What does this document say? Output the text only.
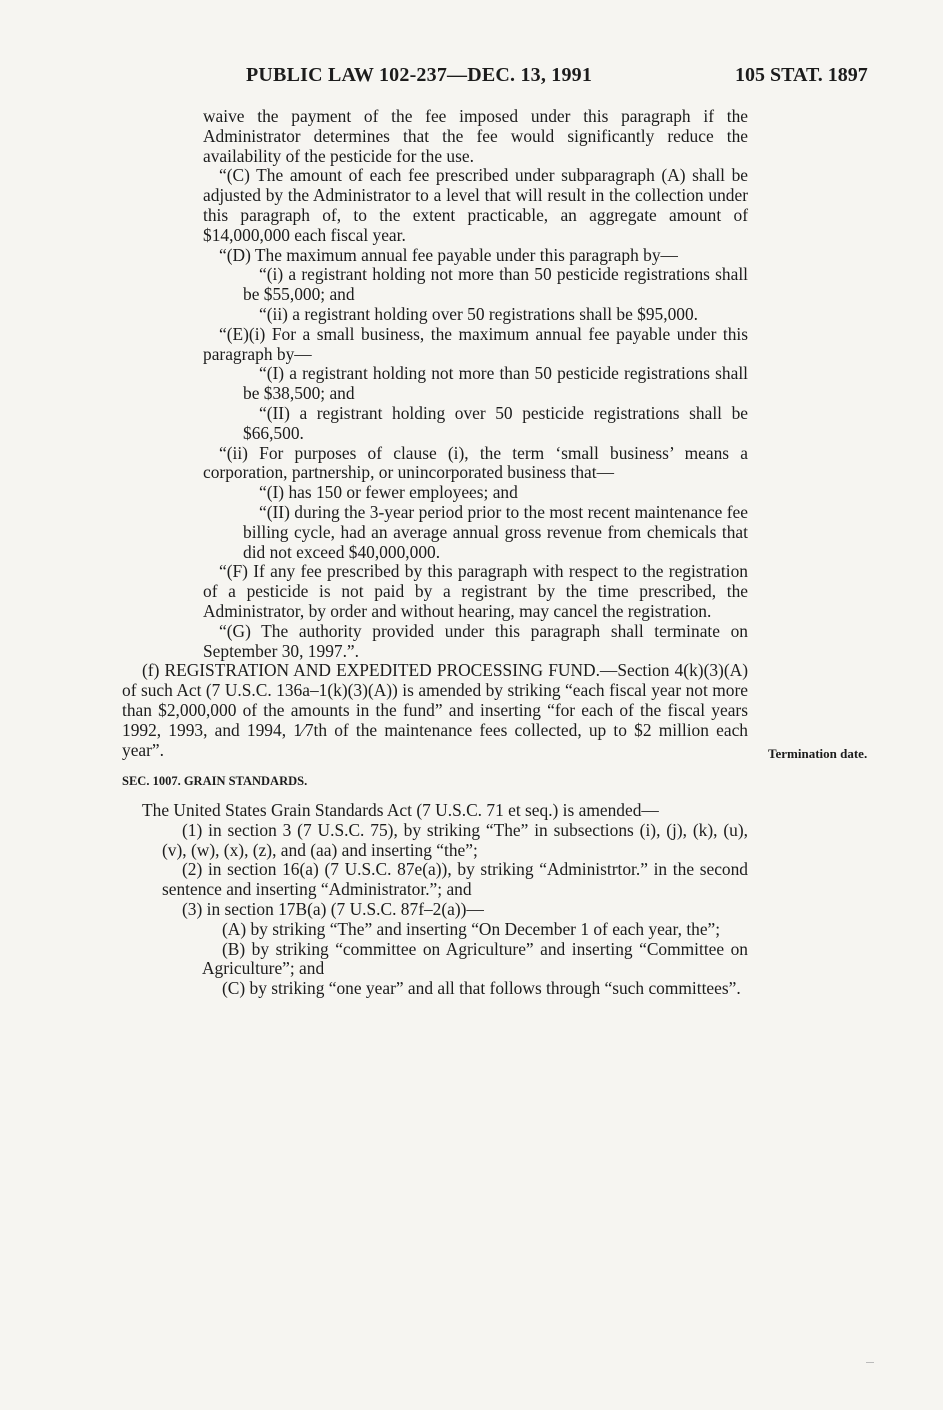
PUBLIC LAW 102-237—DEC. 13, 1991	105 STAT. 1897
Termination date.

waive the payment of the fee imposed under this paragraph if the Administrator determines that the fee would significantly reduce the availability of the pesticide for the use.

“(C) The amount of each fee prescribed under subparagraph (A) shall be adjusted by the Administrator to a level that will result in the collection under this paragraph of, to the extent practicable, an aggregate amount of $14,000,000 each fiscal year.

“(D) The maximum annual fee payable under this paragraph by—

“(i) a registrant holding not more than 50 pesticide registrations shall be $55,000; and

“(ii) a registrant holding over 50 registrations shall be $95,000.

“(E)(i) For a small business, the maximum annual fee payable under this paragraph by—

“(I) a registrant holding not more than 50 pesticide registrations shall be $38,500; and

“(II) a registrant holding over 50 pesticide registrations shall be $66,500.

“(ii) For purposes of clause (i), the term ‘small business’ means a corporation, partnership, or unincorporated business that—

“(I) has 150 or fewer employees; and

“(II) during the 3-year period prior to the most recent maintenance fee billing cycle, had an average annual gross revenue from chemicals that did not exceed $40,000,000.

“(F) If any fee prescribed by this paragraph with respect to the registration of a pesticide is not paid by a registrant by the time prescribed, the Administrator, by order and without hearing, may cancel the registration.

“(G) The authority provided under this paragraph shall terminate on September 30, 1997.”.

(f) REGISTRATION AND EXPEDITED PROCESSING FUND.—Section 4(k)(3)(A) of such Act (7 U.S.C. 136a–1(k)(3)(A)) is amended by striking “each fiscal year not more than $2,000,000 of the amounts in the fund” and inserting “for each of the fiscal years 1992, 1993, and 1994, 1⁄7th of the maintenance fees collected, up to $2 million each year”.

SEC. 1007. GRAIN STANDARDS.

The United States Grain Standards Act (7 U.S.C. 71 et seq.) is amended—

(1) in section 3 (7 U.S.C. 75), by striking “The” in subsections (i), (j), (k), (u), (v), (w), (x), (z), and (aa) and inserting “the”;

(2) in section 16(a) (7 U.S.C. 87e(a)), by striking “Administrtor.” in the second sentence and inserting “Administrator.”; and

(3) in section 17B(a) (7 U.S.C. 87f–2(a))—

(A) by striking “The” and inserting “On December 1 of each year, the”;

(B) by striking “committee on Agriculture” and inserting “Committee on Agriculture”; and

(C) by striking “one year” and all that follows through “such committees”.
